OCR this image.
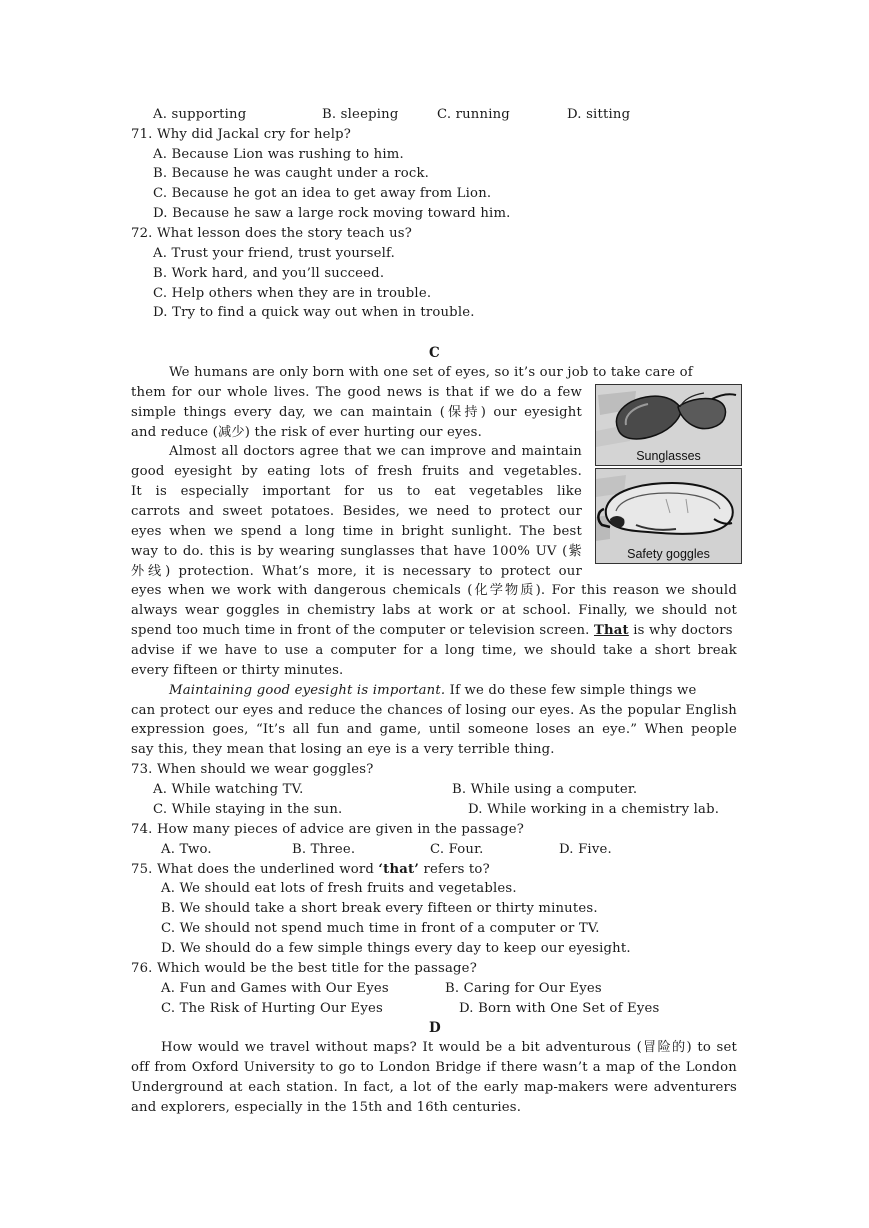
A. supporting	B. sleeping	C. running	D. sitting
71. Why did Jackal cry for help?
A. Because Lion was rushing to him.
B. Because he was caught under a rock.
C. Because he got an idea to get away from Lion.
D. Because he saw a large rock moving toward him.
72. What lesson does the story teach us?
A. Trust your friend, trust yourself.
B. Work hard, and you’ll succeed.
C. Help others when they are in trouble.
D. Try to find a quick way out when in trouble.
C
We humans are only born with one set of eyes, so it’s our job to take care of
them for our whole lives. The good news is that if we do a few
simple things every day, we can maintain (保持) our eyesight
and reduce (减少) the risk of ever hurting our eyes.
Almost all doctors agree that we can improve and maintain
good eyesight by eating lots of fresh fruits and vegetables.
It is especially important for us to eat vegetables like
carrots and sweet potatoes. Besides, we need to protect our
eyes when we spend a long time in bright sunlight. The best
way to do. this is by wearing sunglasses that have 100% UV (紫
外线) protection. What’s more, it is necessary to protect our
eyes when we work with dangerous chemicals (化学物质). For this reason we should
always wear goggles in chemistry labs at work or at school. Finally, we should not
spend too much time in front of the computer or television screen. That is why doctors
advise if we have to use a computer for a long time, we should take a short break
every fifteen or thirty minutes.
Maintaining good eyesight is important. If we do these few simple things we
can protect our eyes and reduce the chances of losing our eyes. As the popular English
expression goes, “It’s all fun and game, until someone loses an eye.” When people
say this, they mean that losing an eye is a very terrible thing.
Sunglasses
Safety goggles
73. When should we wear goggles?
A. While watching TV.	B. While using a computer.
C. While staying in the sun.	D. While working in a chemistry lab.
74. How many pieces of advice are given in the passage?
A. Two.	B. Three.	C. Four.	D. Five.
75. What does the underlined word ‘that’ refers to?
A. We should eat lots of fresh fruits and vegetables.
B. We should take a short break every fifteen or thirty minutes.
C. We should not spend much time in front of a computer or TV.
D. We should do a few simple things every day to keep our eyesight.
76. Which would be the best title for the passage?
A. Fun and Games with Our Eyes	B. Caring for Our Eyes
C. The Risk of Hurting Our Eyes	D. Born with One Set of Eyes
D
How would we travel without maps? It would be a bit adventurous (冒险的) to set
off from Oxford University to go to London Bridge if there wasn’t a map of the London
Underground at each station. In fact, a lot of the early map-makers were adventurers
and explorers, especially in the 15th and 16th centuries.
